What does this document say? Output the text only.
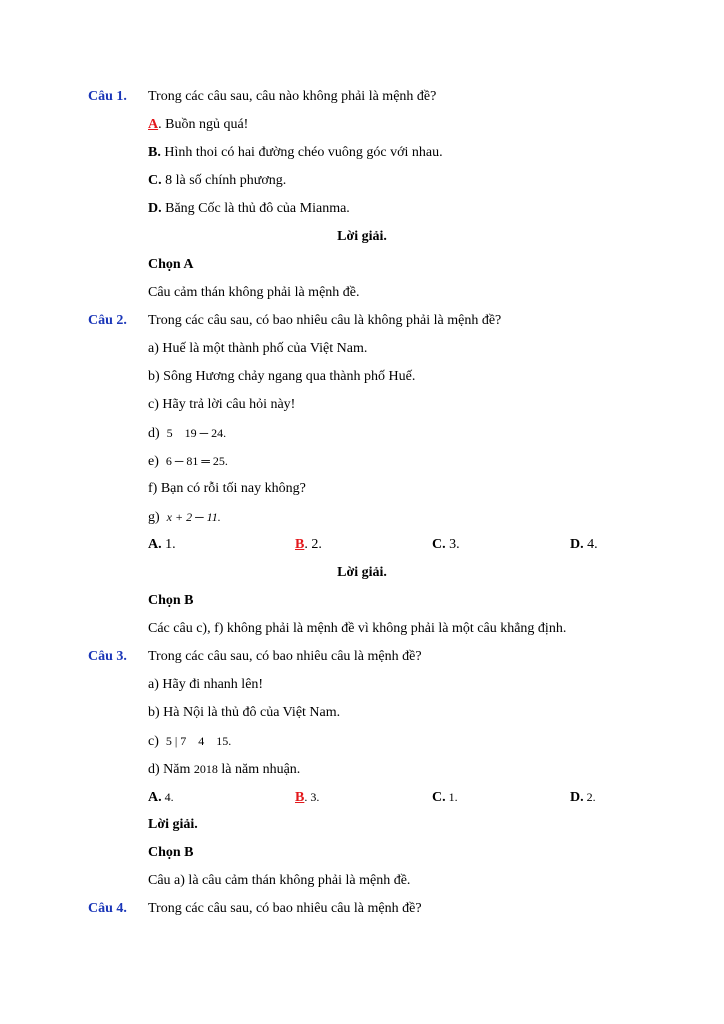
Câu 1. Trong các câu sau, câu nào không phải là mệnh đề?
A. Buồn ngủ quá!
B. Hình thoi có hai đường chéo vuông góc với nhau.
C. 8 là số chính phương.
D. Băng Cốc là thủ đô của Mianma.
Lời giải.
Chọn A
Câu cảm thán không phải là mệnh đề.
Câu 2. Trong các câu sau, có bao nhiêu câu là không phải là mệnh đề?
a) Huế là một thành phố của Việt Nam.
b) Sông Hương chảy ngang qua thành phố Huế.
c) Hãy trả lời câu hỏi này!
d) 5    19 ─ 24.
e) 6 ─ 81 ═ 25.
f) Bạn có rỗi tối nay không?
g) x + 2 ─ 11.
A. 1.	B. 2.	C. 3.	D. 4.
Lời giải.
Chọn B
Các câu c), f) không phải là mệnh đề vì không phải là một câu khẳng định.
Câu 3. Trong các câu sau, có bao nhiêu câu là mệnh đề?
a) Hãy đi nhanh lên!
b) Hà Nội là thủ đô của Việt Nam.
c) 5 | 7    4    15.
d) Năm 2018 là năm nhuận.
A. 4.	B. 3.	C. 1.	D. 2.
Lời giải.
Chọn B
Câu a) là câu cảm thán không phải là mệnh đề.
Câu 4. Trong các câu sau, có bao nhiêu câu là mệnh đề?
